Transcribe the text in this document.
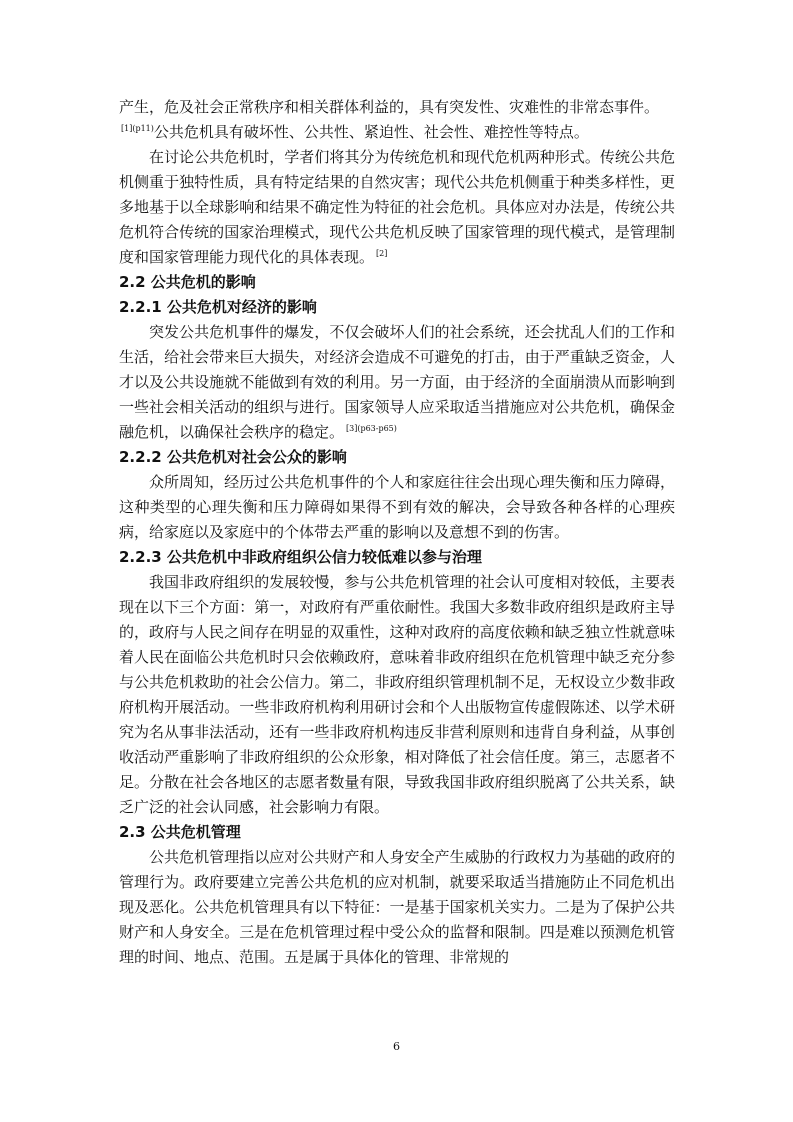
产生，危及社会正常秩序和相关群体利益的，具有突发性、灾难性的非常态事件。

$^{[1](p11)}$公共危机具有破坏性、公共性、紧迫性、社会性、难控性等特点。

在讨论公共危机时，学者们将其分为传统危机和现代危机两种形式。传统公共危机侧重于独特性质，具有特定结果的自然灾害；现代公共危机侧重于种类多样性，更多地基于以全球影响和结果不确定性为特征的社会危机。具体应对办法是，传统公共危机符合传统的国家治理模式，现代公共危机反映了国家管理的现代模式，是管理制度和国家管理能力现代化的具体表现。 [2]

2.2 公共危机的影响
2.2.1 公共危机对经济的影响

突发公共危机事件的爆发，不仅会破坏人们的社会系统，还会扰乱人们的工作和生活，给社会带来巨大损失，对经济会造成不可避免的打击，由于严重缺乏资金，人才以及公共设施就不能做到有效的利用。另一方面，由于经济的全面崩溃从而影响到一些社会相关活动的组织与进行。国家领导人应采取适当措施应对公共危机，确保金融危机，以确保社会秩序的稳定。 $^{[3](p63-p65)}$

2.2.2 公共危机对社会公众的影响

众所周知，经历过公共危机事件的个人和家庭往往会出现心理失衡和压力障碍，这种类型的心理失衡和压力障碍如果得不到有效的解决，会导致各种各样的心理疾病，给家庭以及家庭中的个体带去严重的影响以及意想不到的伤害。

2.2.3 公共危机中非政府组织公信力较低难以参与治理

我国非政府组织的发展较慢，参与公共危机管理的社会认可度相对较低，主要表现在以下三个方面：第一，对政府有严重依耐性。我国大多数非政府组织是政府主导的，政府与人民之间存在明显的双重性，这种对政府的高度依赖和缺乏独立性就意味着人民在面临公共危机时只会依赖政府，意味着非政府组织在危机管理中缺乏充分参与公共危机救助的社会公信力。第二，非政府组织管理机制不足，无权设立少数非政府机构开展活动。一些非政府机构利用研讨会和个人出版物宣传虚假陈述、以学术研究为名从事非法活动，还有一些非政府机构违反非营利原则和违背自身利益，从事创收活动严重影响了非政府组织的公众形象，相对降低了社会信任度。第三，志愿者不足。分散在社会各地区的志愿者数量有限，导致我国非政府组织脱离了公共关系，缺乏广泛的社会认同感，社会影响力有限。

2.3 公共危机管理

公共危机管理指以应对公共财产和人身安全产生威胁的行政权力为基础的政府的管理行为。政府要建立完善公共危机的应对机制，就要采取适当措施防止不同危机出现及恶化。公共危机管理具有以下特征：一是基于国家机关实力。二是为了保护公共财产和人身安全。三是在危机管理过程中受公众的监督和限制。四是难以预测危机管理的时间、地点、范围。五是属于具体化的管理、非常规的

6
